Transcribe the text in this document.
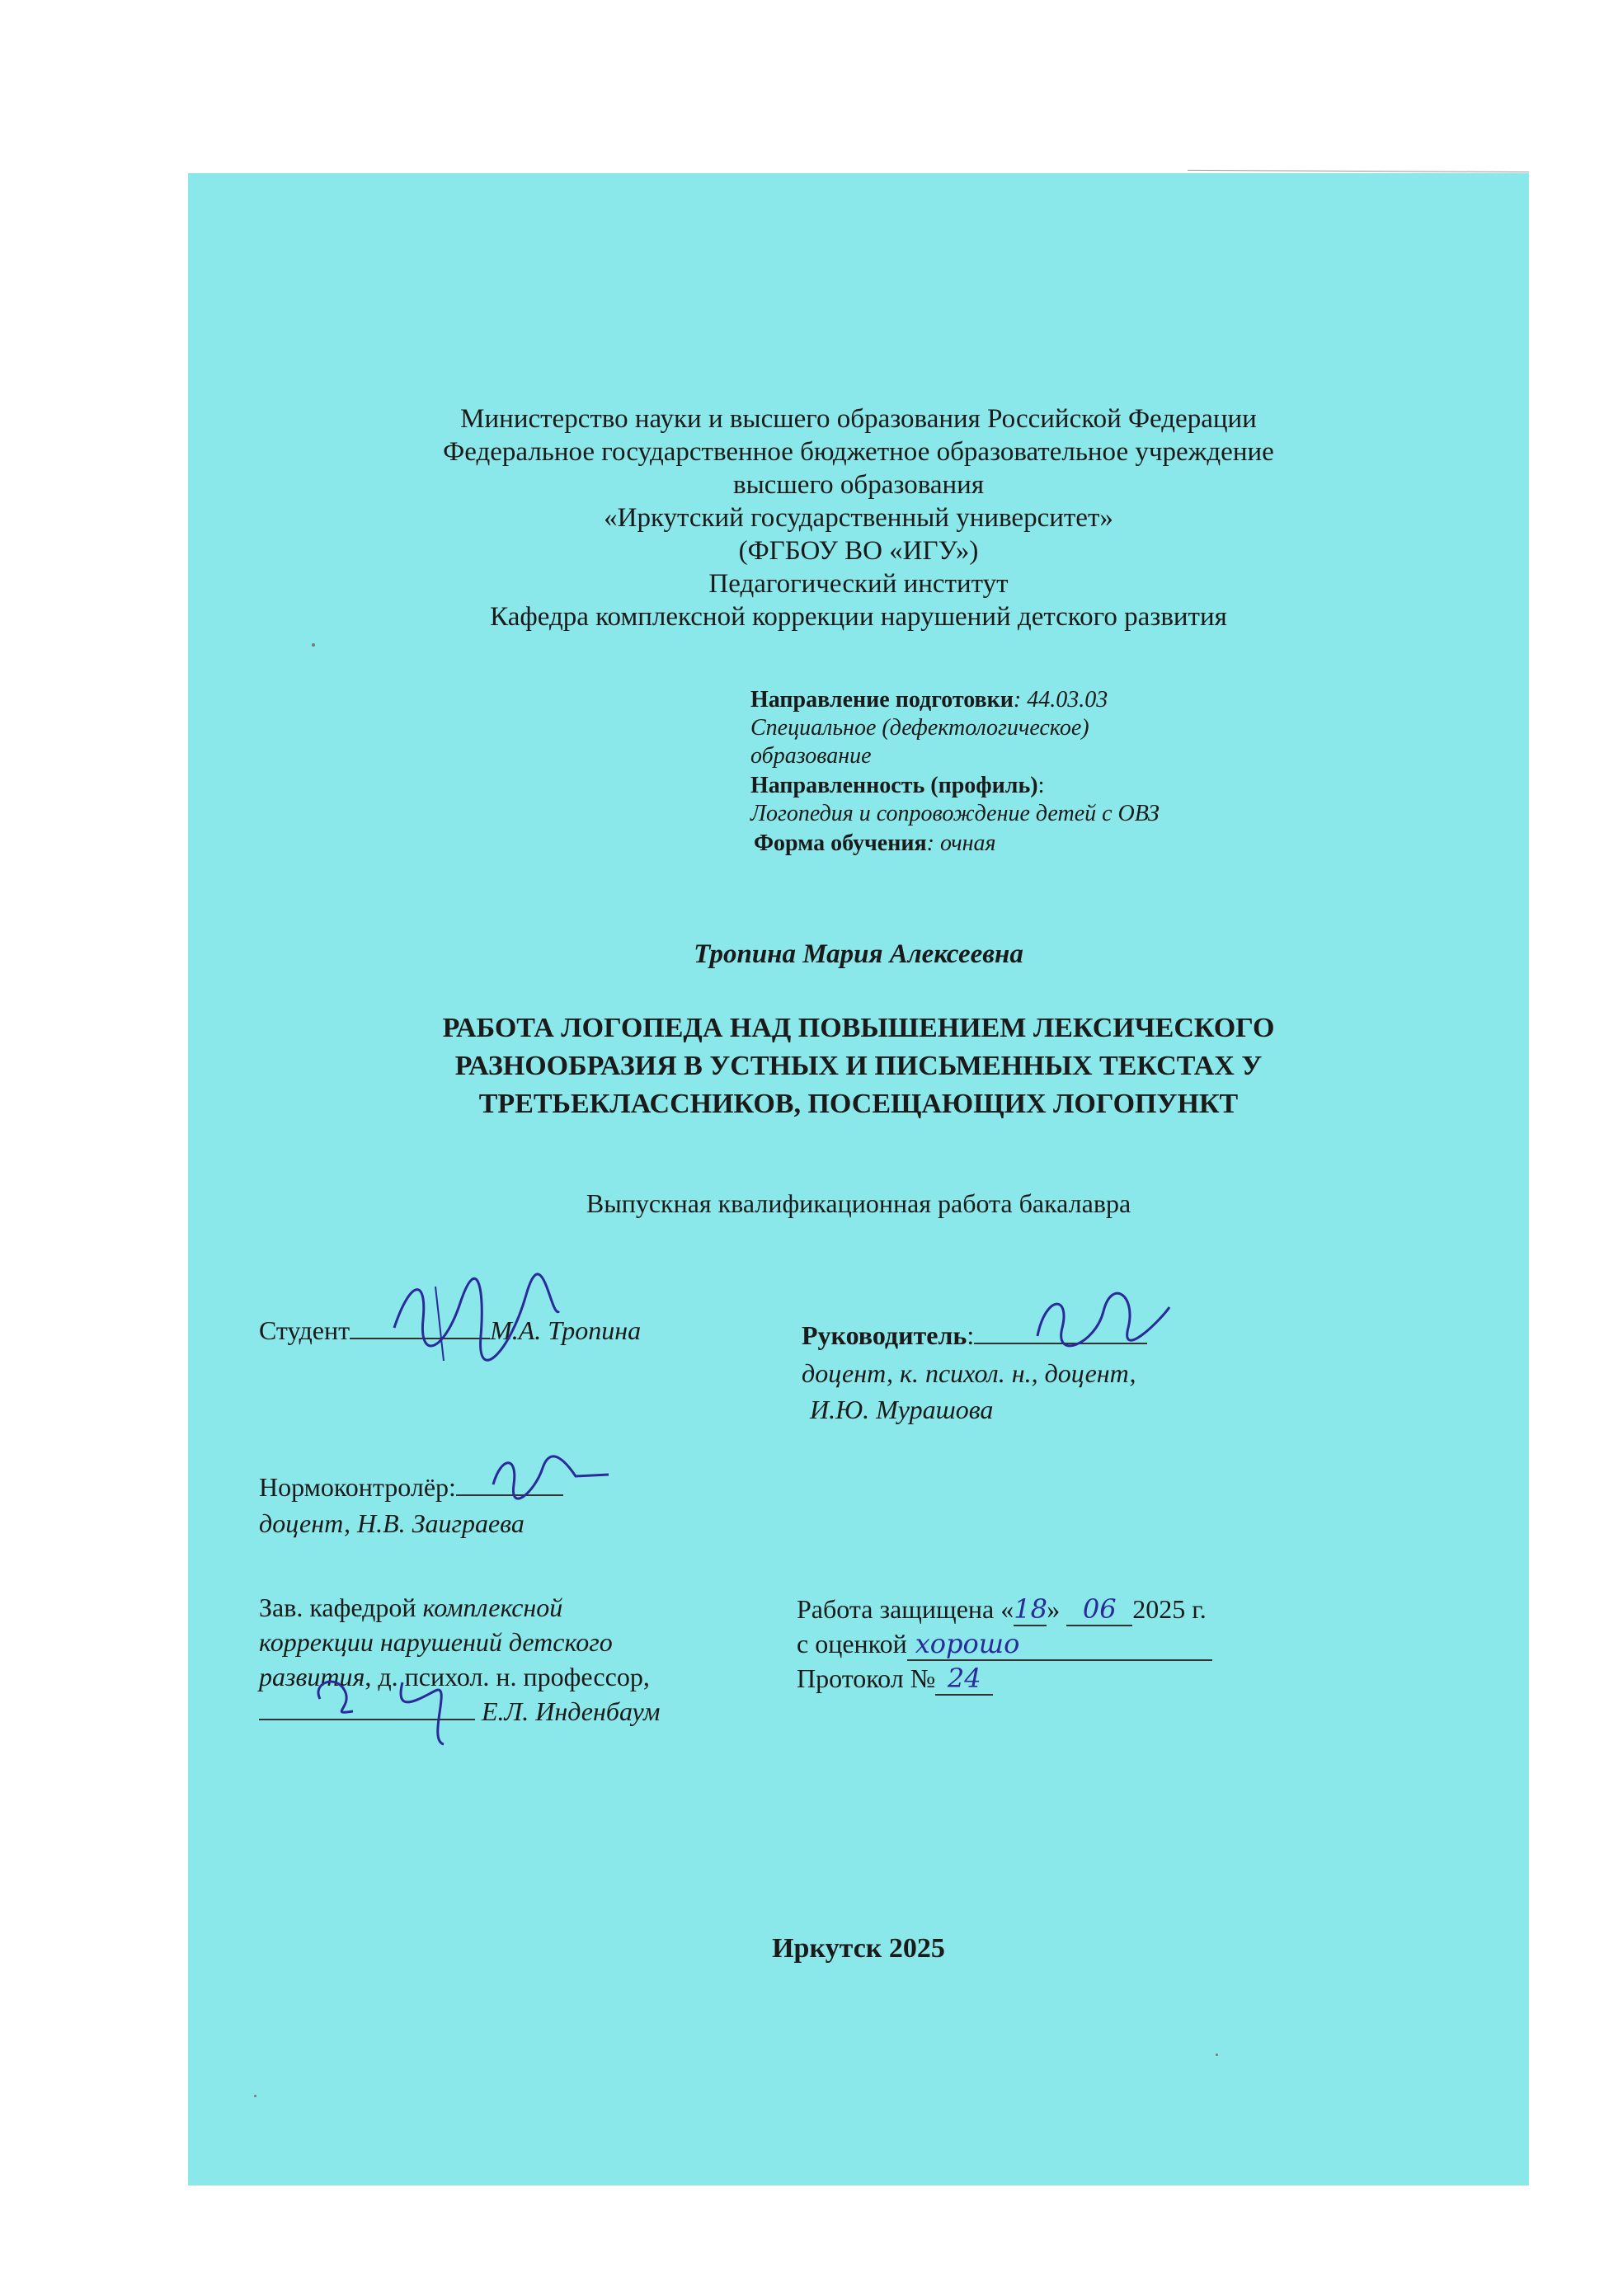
Министерство науки и высшего образования Российской Федерации
Федеральное государственное бюджетное образовательное учреждение
высшего образования
«Иркутский государственный университет»
(ФГБОУ ВО «ИГУ»)
Педагогический институт
Кафедра комплексной коррекции нарушений детского развития
Направление подготовки: 44.03.03
Специальное (дефектологическое)
образование
Направленность (профиль):
Логопедия и сопровождение детей с ОВЗ
Форма обучения: очная
Тропина Мария Алексеевна
РАБОТА ЛОГОПЕДА НАД ПОВЫШЕНИЕМ ЛЕКСИЧЕСКОГО
РАЗНООБРАЗИЯ В УСТНЫХ И ПИСЬМЕННЫХ ТЕКСТАХ У
ТРЕТЬЕКЛАССНИКОВ, ПОСЕЩАЮЩИХ ЛОГОПУНКТ
Выпускная квалификационная работа бакалавра
Студент	М.А. Тропина	Руководитель:
доцент, к. психол. н., доцент,
И.Ю. Мурашова
Нормоконтролёр:
доцент, Н.В. Заиграева
Зав. кафедрой комплексной
коррекции нарушений детского
развития, д. психол. н. профессор,
Е.Л. Инденбаум
Работа защищена «18» 06 2025 г.
с оценкой хорошо
Протокол № 24
Иркутск 2025
